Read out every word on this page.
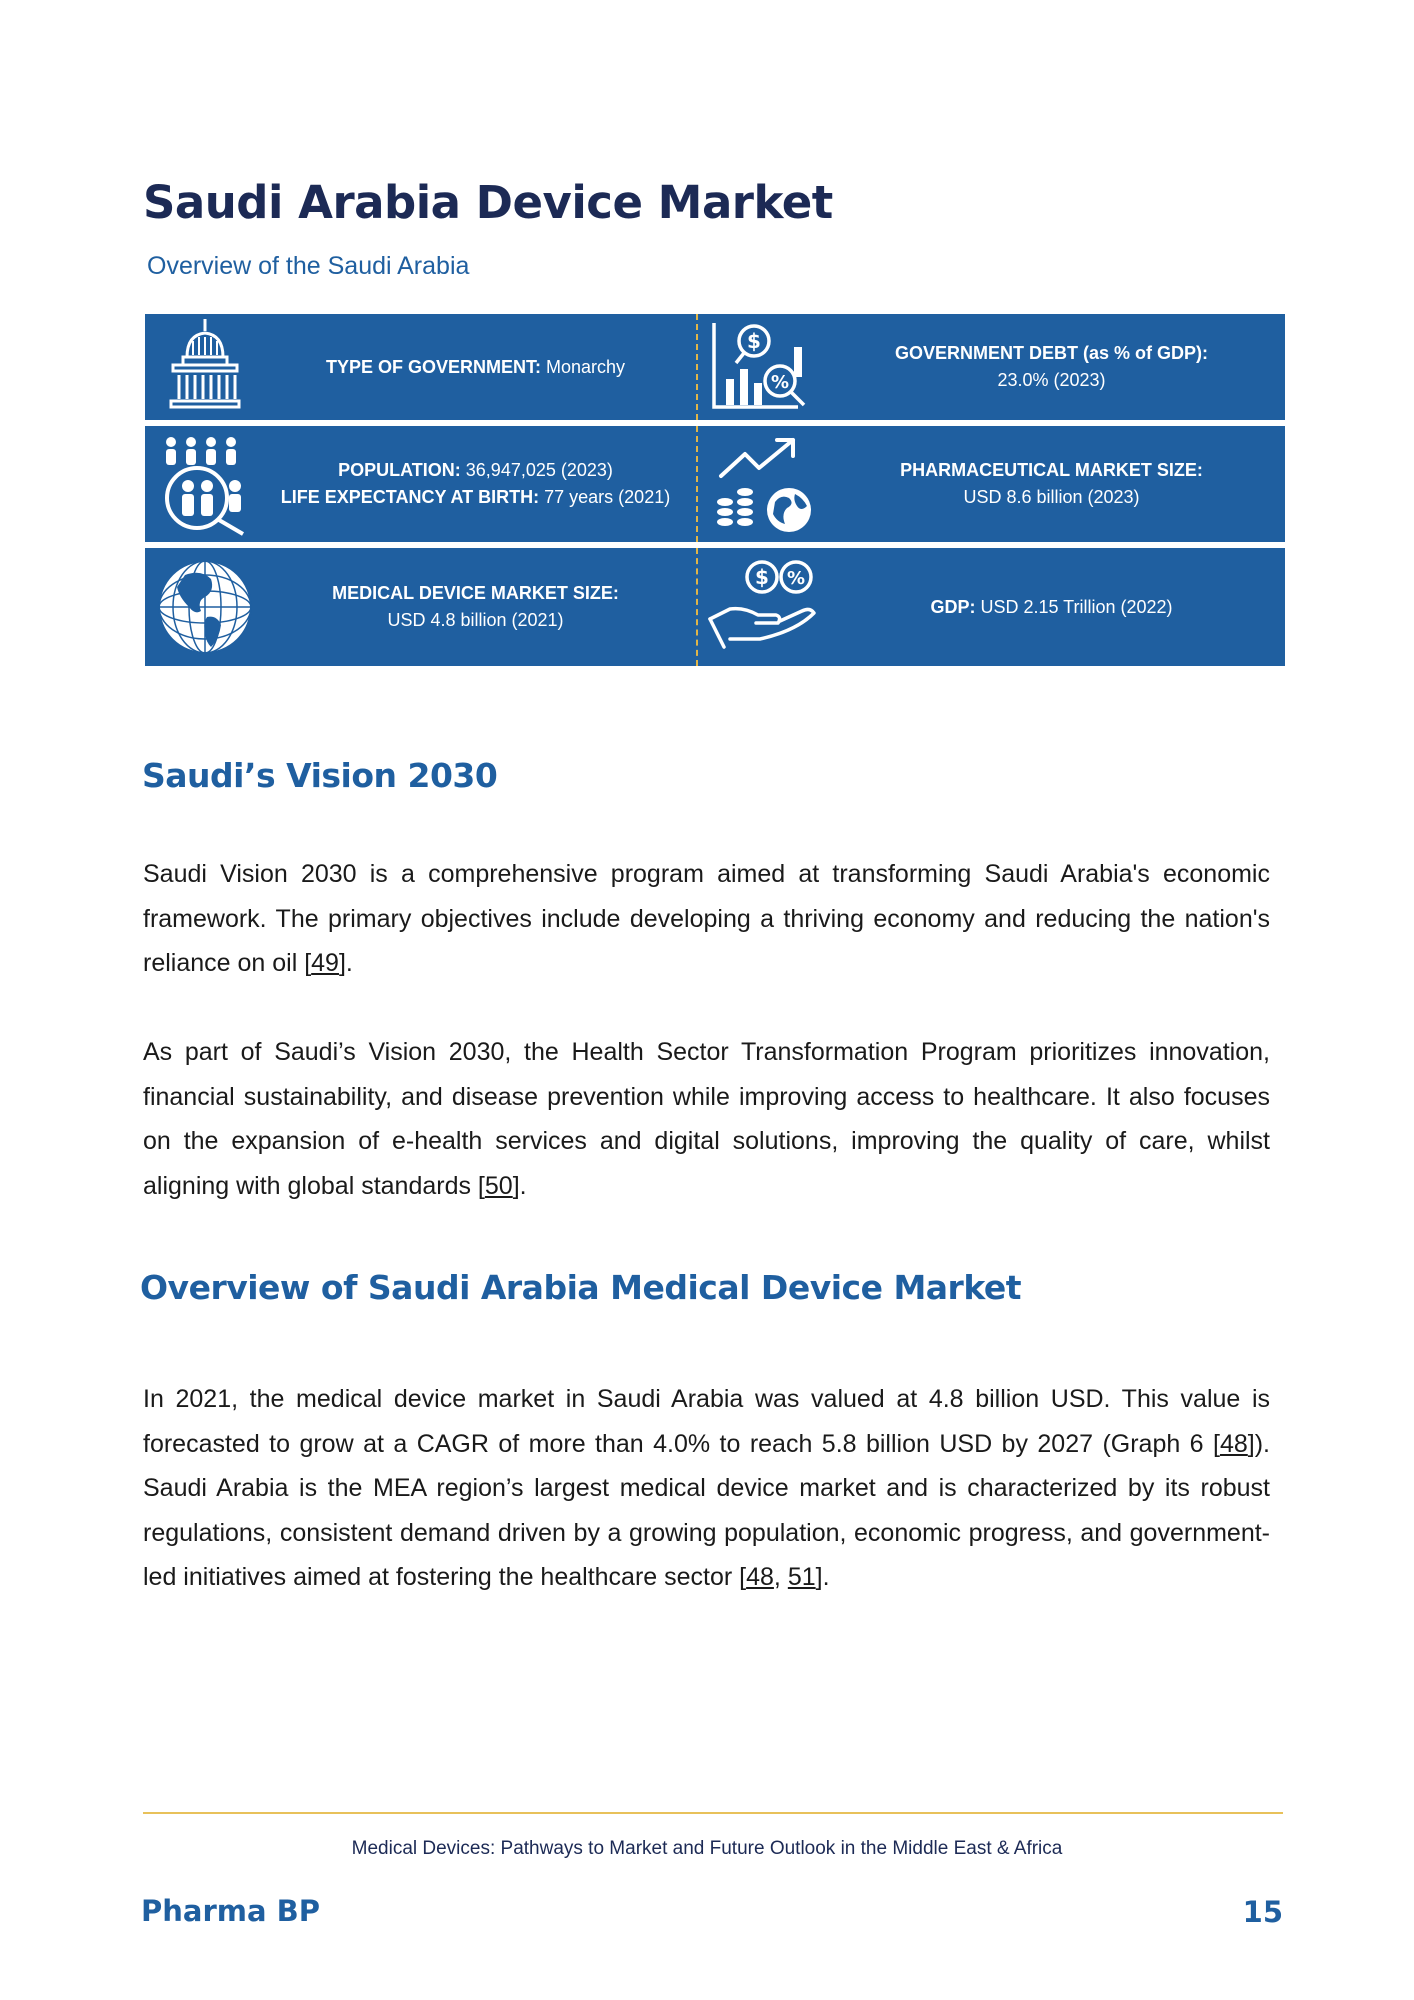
Saudi Arabia Device Market
Overview of the Saudi Arabia
TYPE OF GOVERNMENT: Monarchy
$
%
GOVERNMENT DEBT (as % of GDP):
23.0% (2023)
POPULATION: 36,947,025 (2023)
LIFE EXPECTANCY AT BIRTH: 77 years (2021)
PHARMACEUTICAL MARKET SIZE:
USD 8.6 billion (2023)
MEDICAL DEVICE MARKET SIZE:
USD 4.8 billion (2021)
$ %
GDP: USD 2.15 Trillion (2022)
Saudi’s Vision 2030

Saudi Vision 2030 is a comprehensive program aimed at transforming Saudi Arabia's economic framework. The primary objectives include developing a thriving economy and reducing the nation's reliance on oil [49].

As part of Saudi’s Vision 2030, the Health Sector Transformation Program prioritizes innovation, financial sustainability, and disease prevention while improving access to healthcare. It also focuses on the expansion of e-health services and digital solutions, improving the quality of care, whilst aligning with global standards [50].

Overview of Saudi Arabia Medical Device Market

In 2021, the medical device market in Saudi Arabia was valued at 4.8 billion USD. This value is forecasted to grow at a CAGR of more than 4.0% to reach 5.8 billion USD by 2027 (Graph 6 [48]). Saudi Arabia is the MEA region’s largest medical device market and is characterized by its robust regulations, consistent demand driven by a growing population, economic progress, and government-led initiatives aimed at fostering the healthcare sector [48, 51].

Medical Devices: Pathways to Market and Future Outlook in the Middle East & Africa
Pharma BP	15
